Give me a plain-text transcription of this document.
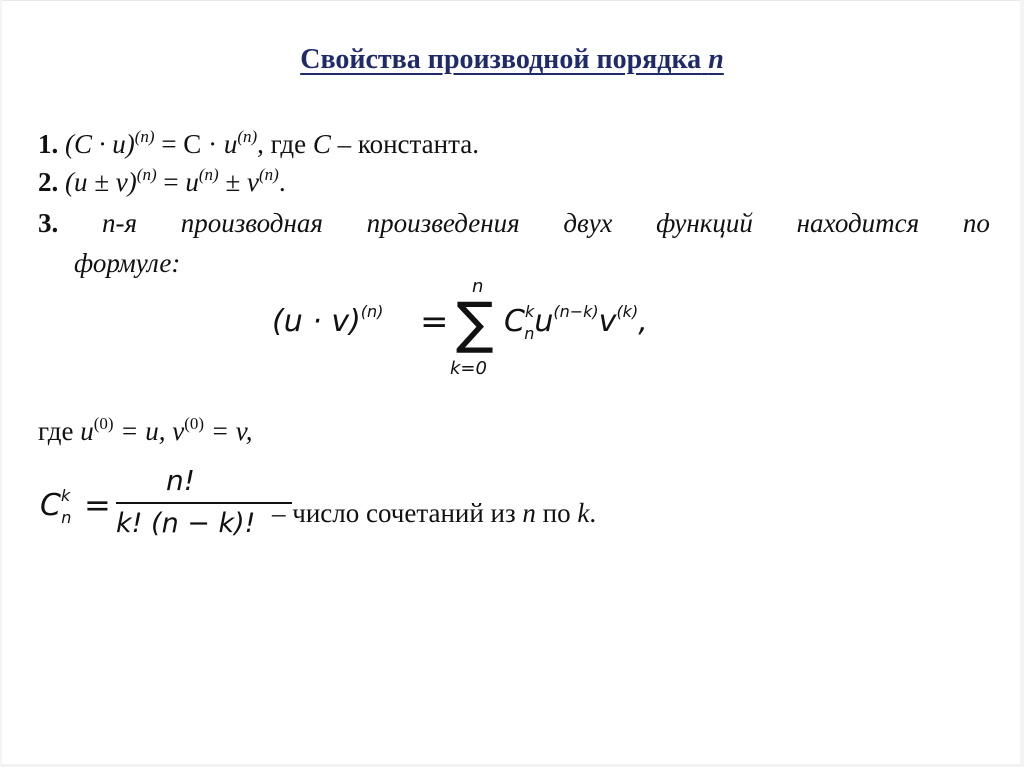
Свойства производной порядка n
1. $(C \cdot u)^{(n)} = C \cdot u^{(n)}$, где C – константа.
2. $(u \pm v)^{(n)} = u^{(n)} \pm v^{(n)}$.
3. n-я производная произведения двух функций находится по
формуле:
$(u \cdot v)^{(n)}$ =
n
∑
k=0
$C^k_nu^{(n-k)}v^{(k)}$,
где $u^{(0)} = u$, $v^{(0)} = v$,
$C^k_n$ =
n!
k! (n − k)! – число сочетаний из n по k.
